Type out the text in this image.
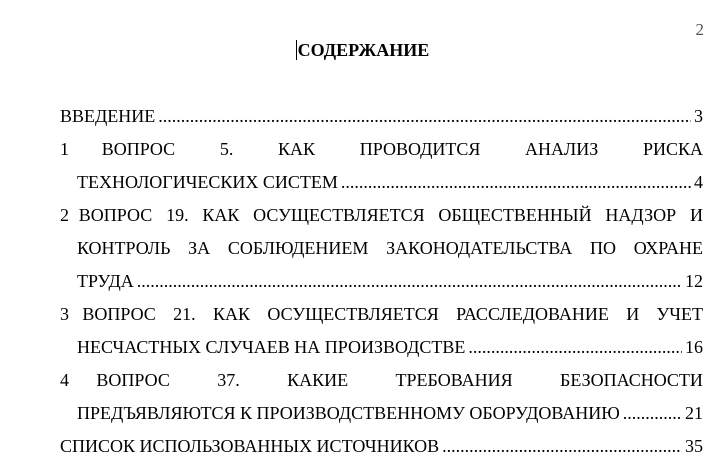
2
СОДЕРЖАНИЕ
ВВЕДЕНИЕ .....	3
1 ВОПРОС 5. КАК ПРОВОДИТСЯ АНАЛИЗ РИСКА
ТЕХНОЛОГИЧЕСКИХ СИСТЕМ .....	4
2 ВОПРОС 19. КАК ОСУЩЕСТВЛЯЕТСЯ ОБЩЕСТВЕННЫЙ НАДЗОР И
КОНТРОЛЬ ЗА СОБЛЮДЕНИЕМ ЗАКОНОДАТЕЛЬСТВА ПО ОХРАНЕ
ТРУДА .....	12
3 ВОПРОС 21. КАК ОСУЩЕСТВЛЯЕТСЯ РАССЛЕДОВАНИЕ И УЧЕТ
НЕСЧАСТНЫХ СЛУЧАЕВ НА ПРОИЗВОДСТВЕ .....	16
4 ВОПРОС	37.	КАКИЕ	ТРЕБОВАНИЯ	БЕЗОПАСНОСТИ
ПРЕДЪЯВЛЯЮТСЯ К ПРОИЗВОДСТВЕННОМУ ОБОРУДОВАНИЮ .....	21
СПИСОК ИСПОЛЬЗОВАННЫХ ИСТОЧНИКОВ .....	35
